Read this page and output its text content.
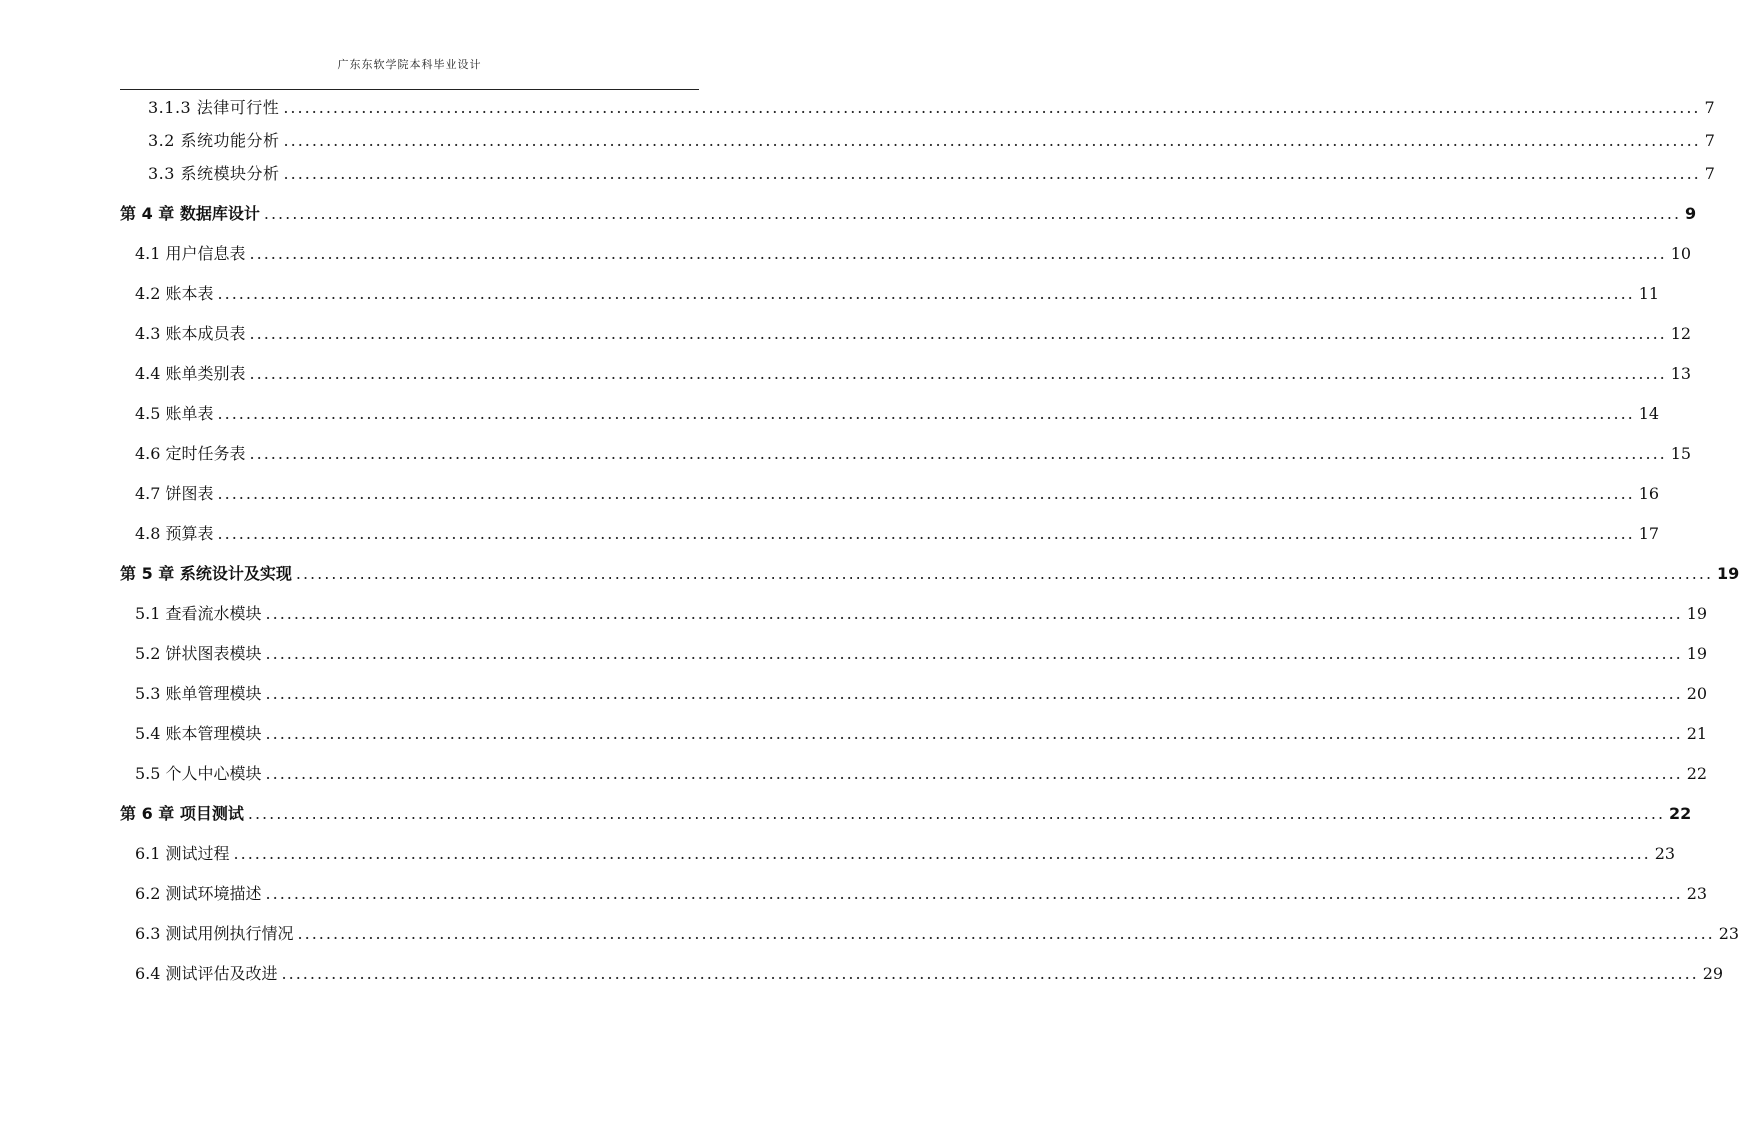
广东东软学院本科毕业设计
3.1.3 法律可行性 ........................................................................................................................................................................................................ 7
3.2 系统功能分析 ........................................................................................................................................................................................................ 7
3.3 系统模块分析 ........................................................................................................................................................................................................ 7
第 4 章 数据库设计 ........................................................................................................................................................................................................ 9
4.1 用户信息表 ........................................................................................................................................................................................................ 10
4.2 账本表 ........................................................................................................................................................................................................ 11
4.3 账本成员表 ........................................................................................................................................................................................................ 12
4.4 账单类别表 ........................................................................................................................................................................................................ 13
4.5 账单表 ........................................................................................................................................................................................................ 14
4.6 定时任务表 ........................................................................................................................................................................................................ 15
4.7 饼图表 ........................................................................................................................................................................................................ 16
4.8 预算表 ........................................................................................................................................................................................................ 17
第 5 章 系统设计及实现 ........................................................................................................................................................................................................ 19
5.1 查看流水模块 ........................................................................................................................................................................................................ 19
5.2 饼状图表模块 ........................................................................................................................................................................................................ 19
5.3 账单管理模块 ........................................................................................................................................................................................................ 20
5.4 账本管理模块 ........................................................................................................................................................................................................ 21
5.5 个人中心模块 ........................................................................................................................................................................................................ 22
第 6 章 项目测试 ........................................................................................................................................................................................................ 22
6.1 测试过程 ........................................................................................................................................................................................................ 23
6.2 测试环境描述 ........................................................................................................................................................................................................ 23
6.3 测试用例执行情况 ........................................................................................................................................................................................................ 23
6.4 测试评估及改进 ........................................................................................................................................................................................................ 29
